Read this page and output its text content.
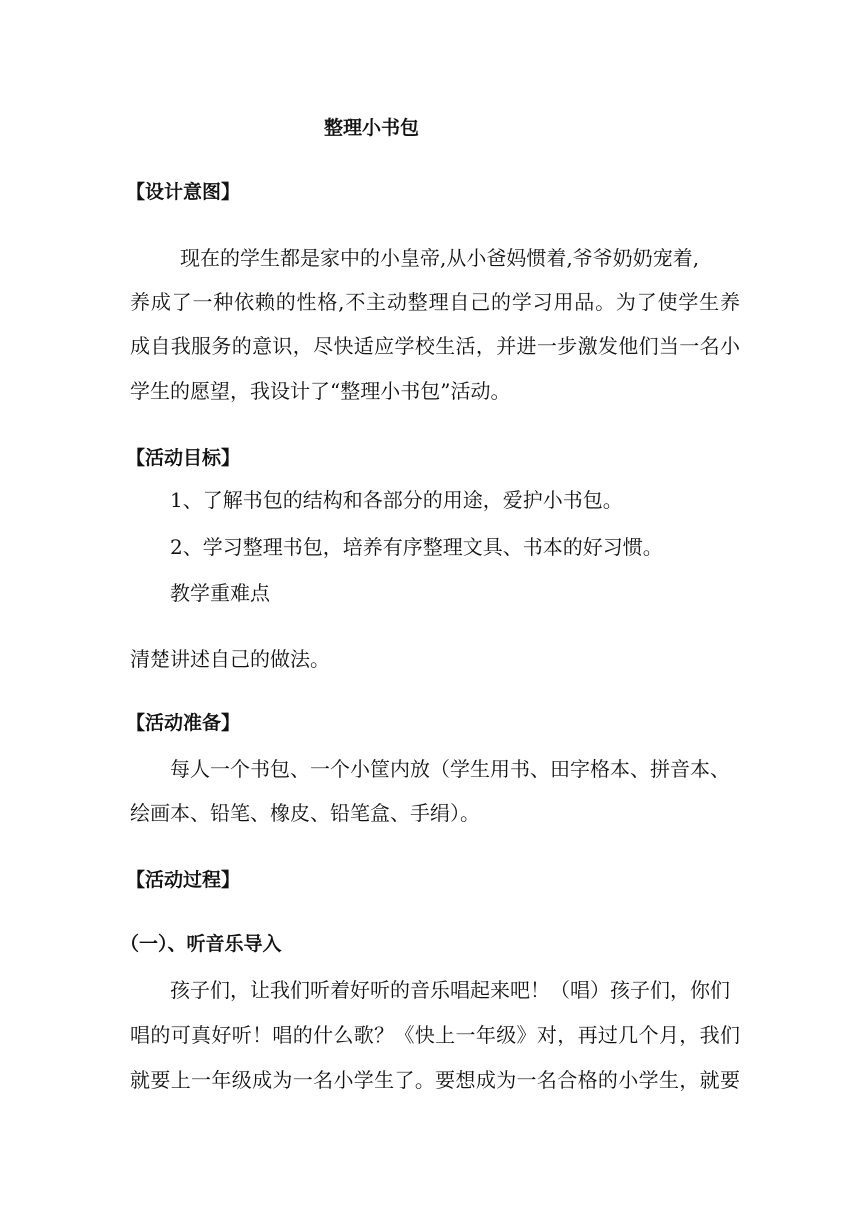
整理小书包
【设计意图】
现在的学生都是家中的小皇帝,从小爸妈惯着,爷爷奶奶宠着,
养成了一种依赖的性格,不主动整理自己的学习用品。为了使学生养
成自我服务的意识，尽快适应学校生活，并进一步激发他们当一名小
学生的愿望，我设计了“整理小书包”活动。
【活动目标】
1、了解书包的结构和各部分的用途，爱护小书包。
2、学习整理书包，培养有序整理文具、书本的好习惯。
教学重难点
清楚讲述自己的做法。
【活动准备】
每人一个书包、一个小筐内放（学生用书、田字格本、拼音本、
绘画本、铅笔、橡皮、铅笔盒、手绢）。
【活动过程】
（一）、听音乐导入
孩子们，让我们听着好听的音乐唱起来吧！（唱）孩子们，你们
唱的可真好听！唱的什么歌？《快上一年级》对，再过几个月，我们
就要上一年级成为一名小学生了。要想成为一名合格的小学生，就要
